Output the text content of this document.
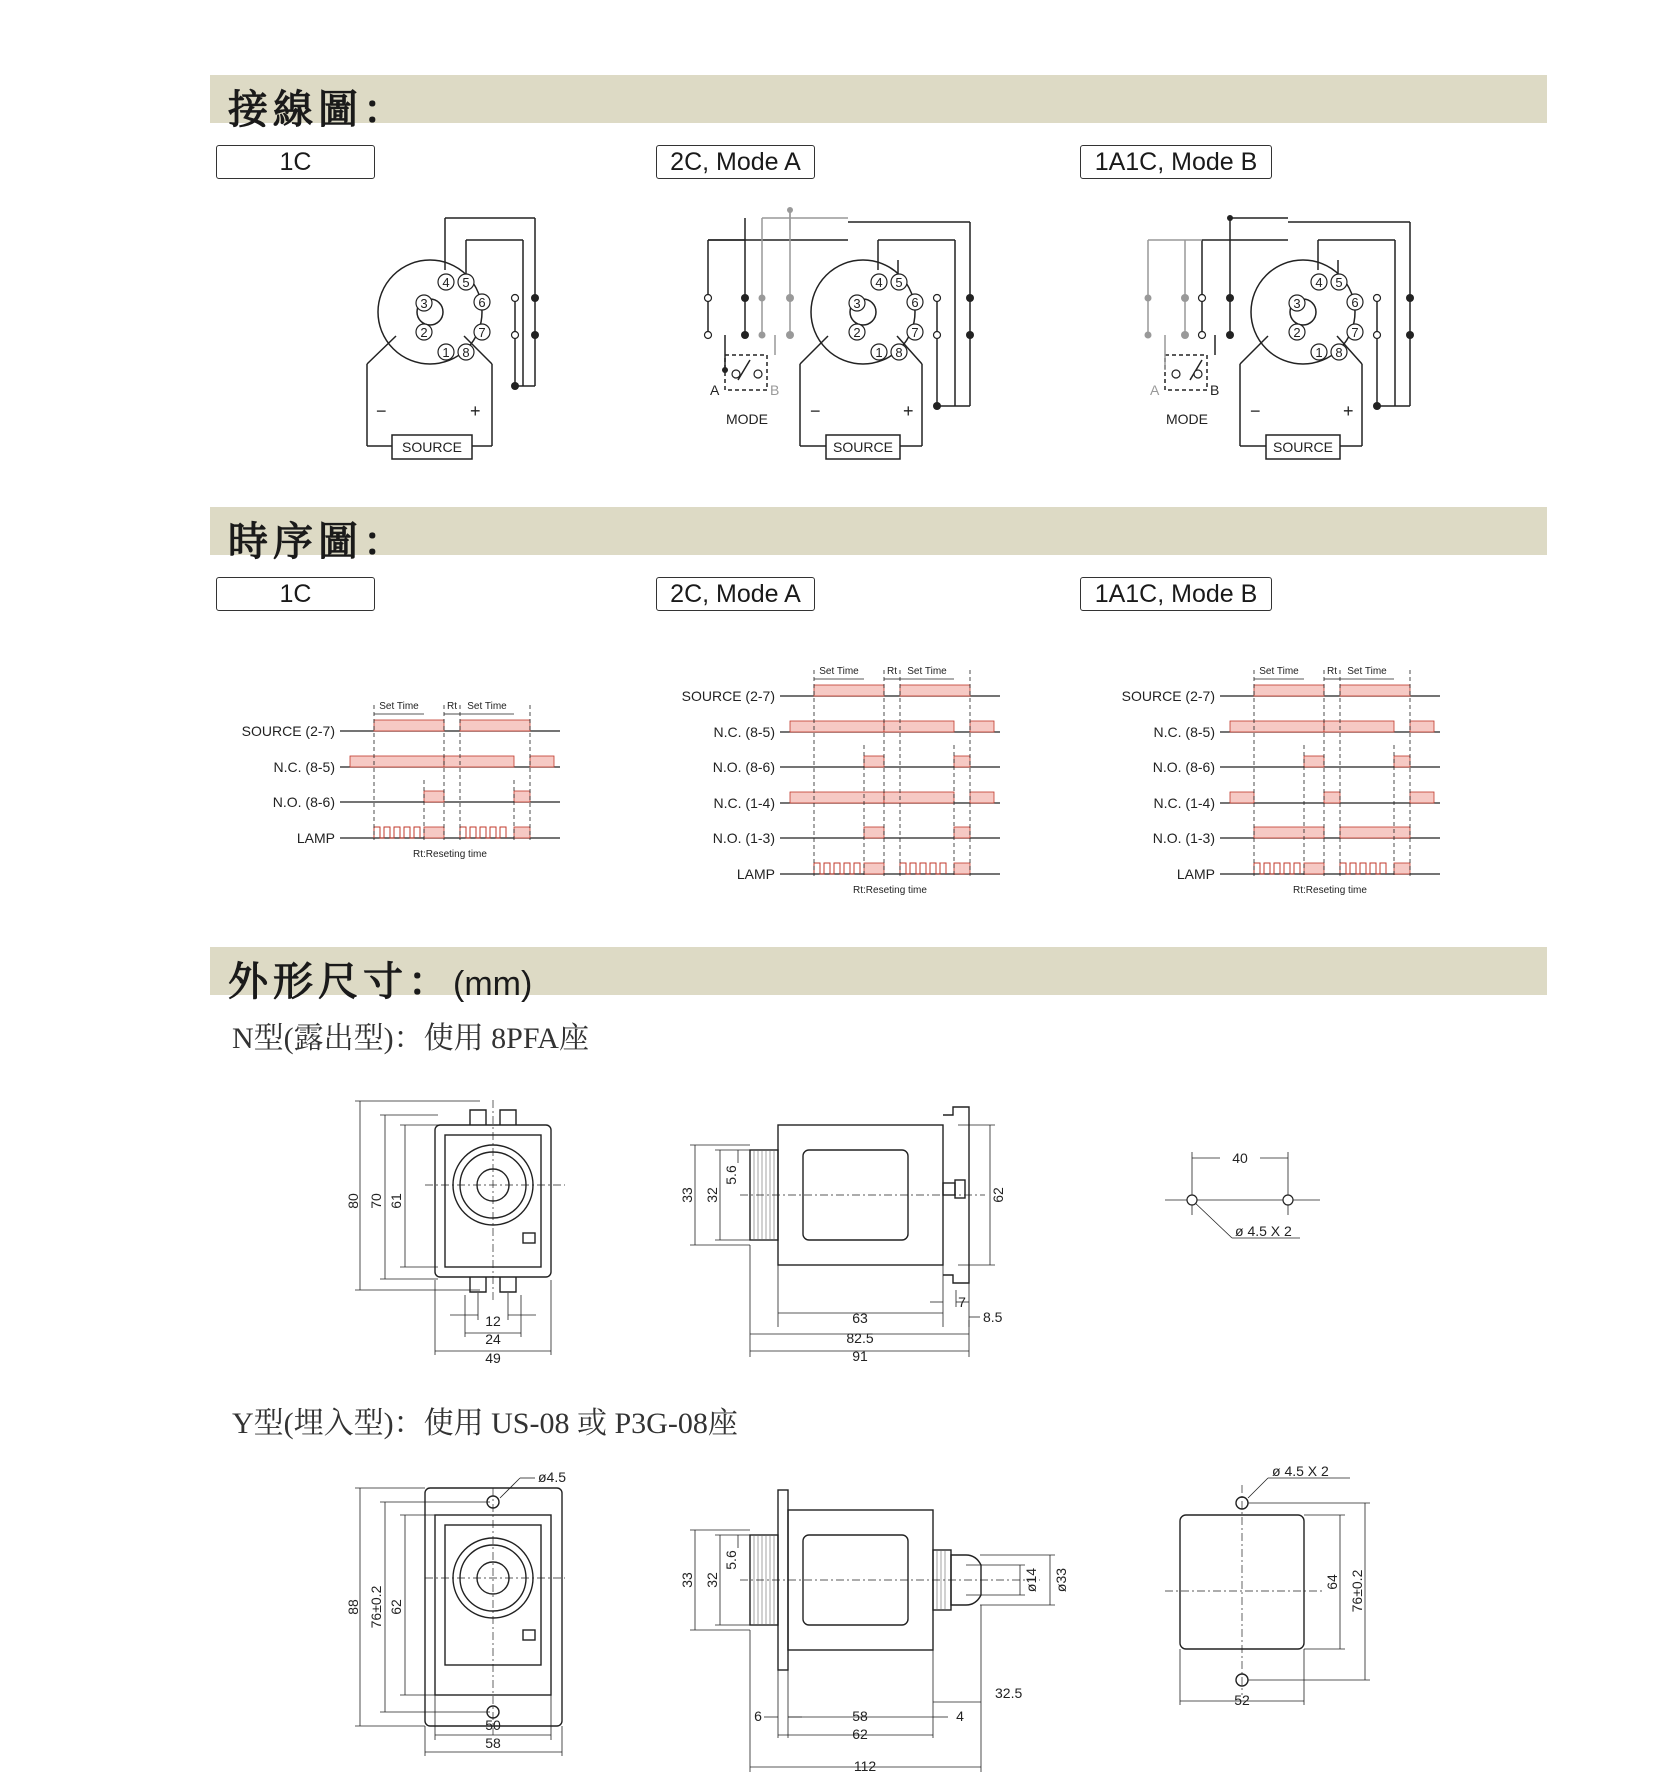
接線圖：
時序圖：
外形尺寸：(mm)
1C	2C, Mode A	1A1C, Mode B
1C	2C, Mode A	1A1C, Mode B
4 5
3	6
2	7
1 8
−	+
SOURCE
4 5
3	6
2	7
1 8
−	+
SOURCE
A	B
MODE
4 5
3	6
2	7
1 8
−	+
SOURCE
A	B
MODE
Set Time	Rt Set Time
SOURCE (2-7)
N.C. (8-5)
N.O. (8-6)
LAMP
Rt:Reseting time
Set Time	Rt Set Time
SOURCE (2-7)
N.C. (8-5)
N.O. (8-6)
N.C. (1-4)
N.O. (1-3)
LAMP
Rt:Reseting time
Set Time	Rt Set Time
SOURCE (2-7)
N.C. (8-5)
N.O. (8-6)
N.C. (1-4)
N.O. (1-3)
LAMP
Rt:Reseting time
N型(露出型)：使用 8PFA座
Y型(埋入型)：使用 US-08 或 P3G-08座
80 70 61
12
24
49
33 32
5.6
62
63
7
8.5
82.5
91
40
ø 4.5 X 2
ø4.5
88 76±0.2 62
50
58
33 32
5.6
ø14 ø33
32.5
6	58	4
62
112
ø 4.5 X 2
64 76±0.2
52
